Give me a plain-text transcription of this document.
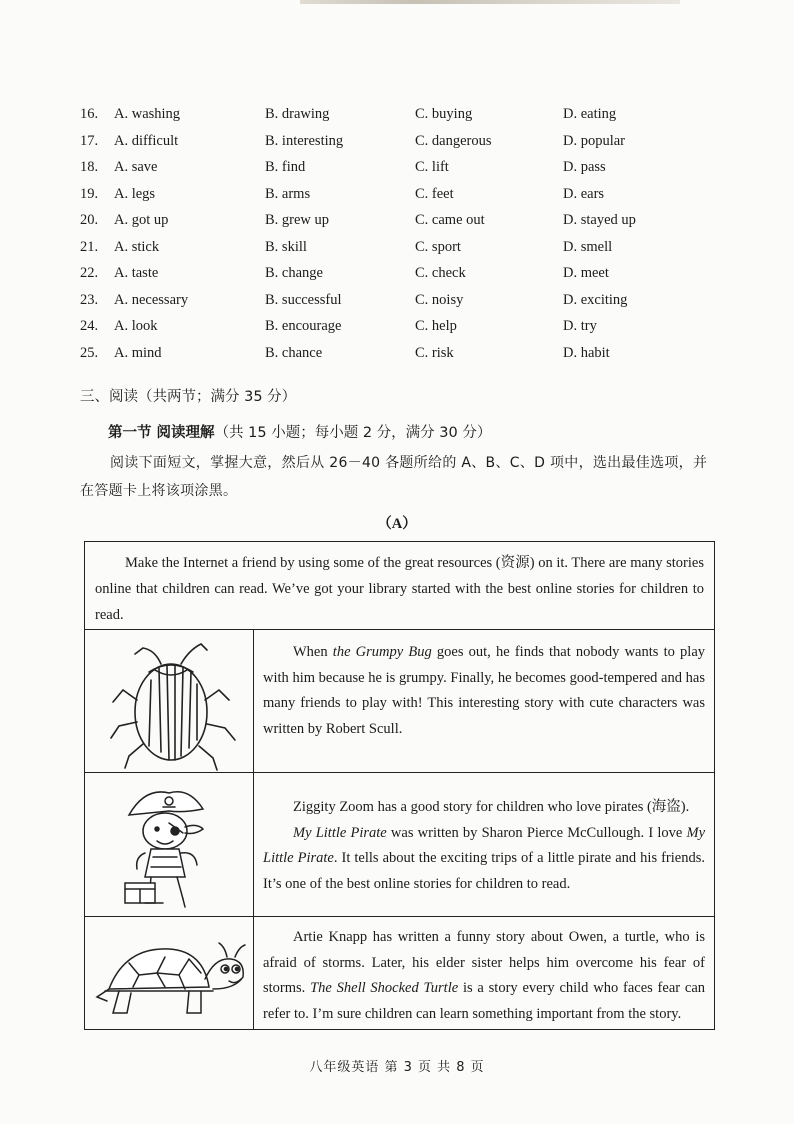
16. A. washing	B. drawing	C. buying	D. eating
17. A. difficult	B. interesting	C. dangerous	D. popular
18. A. save	B. find	C. lift	D. pass
19. A. legs	B. arms	C. feet	D. ears
20. A. got up	B. grew up	C. came out	D. stayed up
21. A. stick	B. skill	C. sport	D. smell
22. A. taste	B. change	C. check	D. meet
23. A. necessary	B. successful	C. noisy	D. exciting
24. A. look	B. encourage	C. help	D. try
25. A. mind	B. chance	C. risk	D. habit
三、阅读（共两节；满分 35 分）
第一节 阅读理解（共 15 小题；每小题 2 分，满分 30 分）
阅读下面短文，掌握大意，然后从 26－40 各题所给的 A、B、C、D 项中，选出最佳选项，并在答题卡上将该项涂黑。
（A）
Make the Internet a friend by using some of the great resources (资源) on it. There are many stories online that children can read. We’ve got your library started with the best online stories for children to read.

When the Grumpy Bug goes out, he finds that nobody wants to play with him because he is grumpy. Finally, he becomes good-tempered and has many friends to play with! This interesting story with cute characters was written by Robert Scull.

Ziggity Zoom has a good story for children who love pirates (海盗).

My Little Pirate was written by Sharon Pierce McCullough. I love My Little Pirate. It tells about the exciting trips of a little pirate and his friends. It’s one of the best online stories for children to read.

Artie Knapp has written a funny story about Owen, a turtle, who is afraid of storms. Later, his elder sister helps him overcome his fear of storms. The Shell Shocked Turtle is a story every child who faces fear can refer to. I’m sure children can learn something important from the story.

八年级英语 第 3 页 共 8 页
